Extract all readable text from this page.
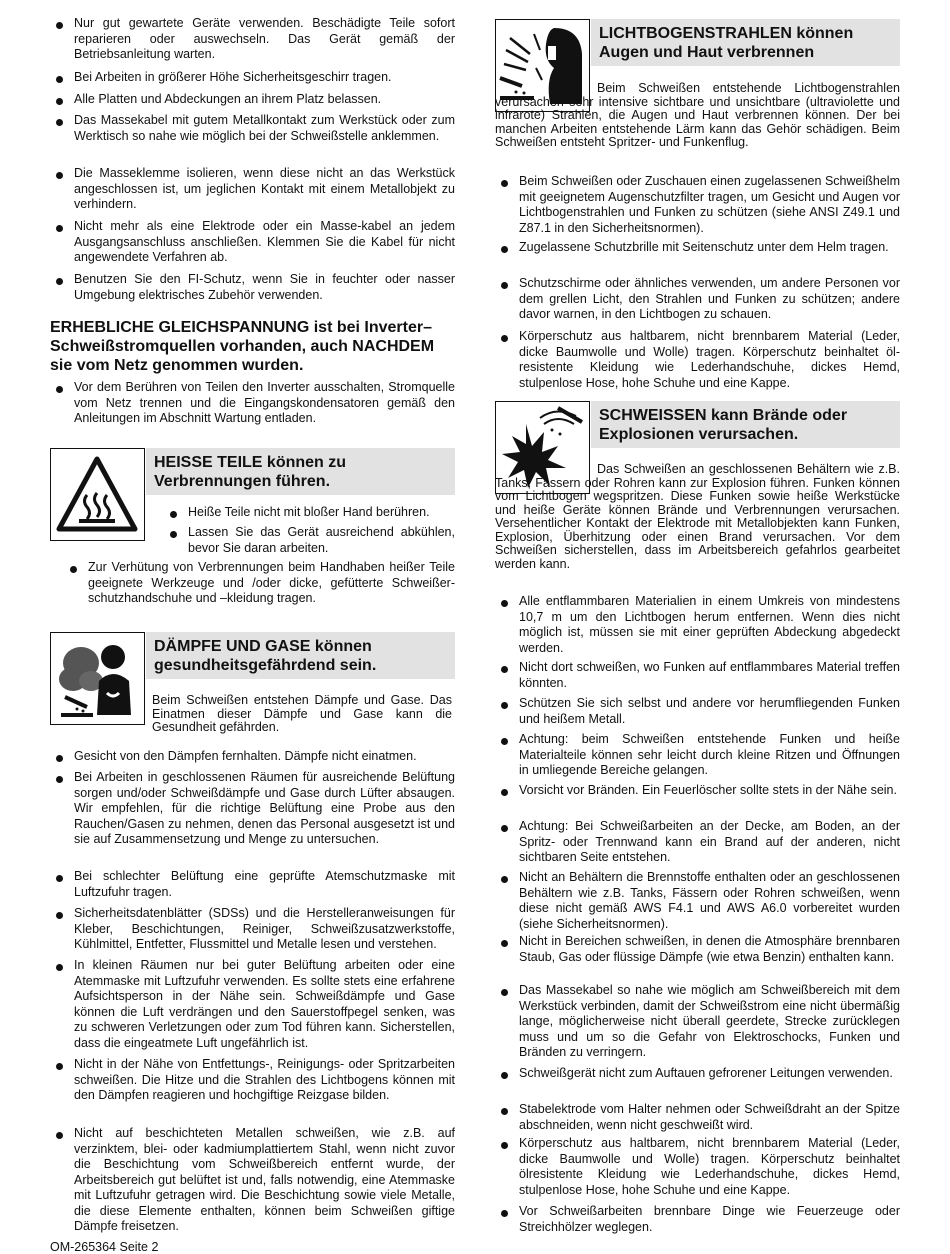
Nur gut gewartete Geräte verwenden. Beschädigte Teile sofort reparieren oder auswechseln. Das Gerät gemäß der Betriebsanleitung warten.
Bei Arbeiten in größerer Höhe Sicherheitsgeschirr tragen.
Alle Platten und Abdeckungen an ihrem Platz belassen.
Das Massekabel mit gutem Metallkontakt zum Werkstück oder zum Werktisch so nahe wie möglich bei der Schweißstelle anklemmen.
Die Masseklemme isolieren, wenn diese nicht an das Werkstück angeschlossen ist, um jeglichen Kontakt mit einem Metallobjekt zu verhindern.
Nicht mehr als eine Elektrode oder ein Masse-kabel an jedem Ausgangsanschluss anschließen. Klemmen Sie die Kabel für nicht angewendete Verfahren ab.
Benutzen Sie den FI-Schutz, wenn Sie in feuchter oder nasser Umgebung elektrisches Zubehör verwenden.
ERHEBLICHE GLEICHSPANNUNG ist bei Inverter–Schweißstromquellen vorhanden, auch NACHDEM sie vom Netz genommen wurden.
Vor dem Berühren von Teilen den Inverter ausschalten, Stromquelle vom Netz trennen und die Eingangskondensatoren gemäß den Anleitungen im Abschnitt Wartung entladen.
HEISSE TEILE können zu Verbrennungen führen.
Heiße Teile nicht mit bloßer Hand berühren.
Lassen Sie das Gerät ausreichend abkühlen, bevor Sie daran arbeiten.
Zur Verhütung von Verbrennungen beim Handhaben heißer Teile geeignete Werkzeuge und /oder dicke, gefütterte Schweißer-schutzhandschuhe und –kleidung tragen.
DÄMPFE UND GASE können gesundheitsgefährdend sein.
Beim Schweißen entstehen Dämpfe und Gase. Das Einatmen dieser Dämpfe und Gase kann die Gesundheit gefährden.
Gesicht von den Dämpfen fernhalten. Dämpfe nicht einatmen.
Bei Arbeiten in geschlossenen Räumen für ausreichende Belüftung sorgen und/oder Schweißdämpfe und Gase durch Lüfter absaugen. Wir empfehlen, für die richtige Belüftung eine Probe aus den Rauchen/Gasen zu nehmen, denen das Personal ausgesetzt ist und sie auf Zusammensetzung und Menge zu untersuchen.
Bei schlechter Belüftung eine geprüfte Atemschutzmaske mit Luftzufuhr tragen.
Sicherheitsdatenblätter (SDSs) und die Herstelleranweisungen für Kleber, Beschichtungen, Reiniger, Schweißzusatzwerkstoffe, Kühlmittel, Entfetter, Flussmittel und Metalle lesen und verstehen.
In kleinen Räumen nur bei guter Belüftung arbeiten oder eine Atemmaske mit Luftzufuhr verwenden. Es sollte stets eine erfahrene Aufsichtsperson in der Nähe sein. Schweißdämpfe und Gase können die Luft verdrängen und den Sauerstoffpegel senken, was zu schweren Verletzungen oder zum Tod führen kann. Sicherstellen, dass die eingeatmete Luft ungefährlich ist.
Nicht in der Nähe von Entfettungs-, Reinigungs- oder Spritzarbeiten schweißen. Die Hitze und die Strahlen des Lichtbogens können mit den Dämpfen reagieren und hochgiftige Reizgase bilden.
Nicht auf beschichteten Metallen schweißen, wie z.B. auf verzinktem, blei- oder kadmiumplattiertem Stahl, wenn nicht zuvor die Beschichtung vom Schweißbereich entfernt wurde, der Arbeitsbereich gut belüftet ist und, falls notwendig, eine Atemmaske mit Luftzufuhr getragen wird. Die Beschichtung sowie viele Metalle, die diese Elemente enthalten, können beim Schweißen giftige Dämpfe freisetzen.
LICHTBOGENSTRAHLEN können Augen und Haut verbrennen
Beim Schweißen entstehende Lichtbogenstrahlen verursachen sehr intensive sichtbare und unsichtbare (ultraviolette und infrarote) Strahlen, die Augen und Haut verbrennen können. Der bei manchen Arbeiten entstehende Lärm kann das Gehör schädigen. Beim Schweißen entsteht Spritzer- und Funkenflug.
Beim Schweißen oder Zuschauen einen zugelassenen Schweißhelm mit geeignetem Augenschutzfilter tragen, um Gesicht und Augen vor Lichtbogenstrahlen und Funken zu schützen (siehe ANSI Z49.1 und Z87.1 in den Sicherheitsnormen).
Zugelassene Schutzbrille mit Seitenschutz unter dem Helm tragen.
Schutzschirme oder ähnliches verwenden, um andere Personen vor dem grellen Licht, den Strahlen und Funken zu schützen; andere davor warnen, in den Lichtbogen zu schauen.
Körperschutz aus haltbarem, nicht brennbarem Material (Leder, dicke Baumwolle und Wolle) tragen. Körperschutz beinhaltet öl-resistente Kleidung wie Lederhandschuhe, dickes Hemd, stulpenlose Hose, hohe Schuhe und eine Kappe.
SCHWEISSEN kann Brände oder Explosionen verursachen.
Das Schweißen an geschlossenen Behältern wie z.B. Tanks, Fässern oder Rohren kann zur Explosion führen. Funken können vom Lichtbogen wegspritzen. Diese Funken sowie heiße Werkstücke und heiße Geräte können Brände und Verbrennungen verursachen. Versehentlicher Kontakt der Elektrode mit Metallobjekten kann Funken, Explosion, Überhitzung oder einen Brand verursachen. Vor dem Schweißen sicherstellen, dass im Arbeitsbereich gefahrlos gearbeitet werden kann.
Alle entflammbaren Materialien in einem Umkreis von mindestens 10,7 m um den Lichtbogen herum entfernen. Wenn dies nicht möglich ist, müssen sie mit einer geprüften Abdeckung abgedeckt werden.
Nicht dort schweißen, wo Funken auf entflammbares Material treffen könnten.
Schützen Sie sich selbst und andere vor herumfliegenden Funken und heißem Metall.
Achtung: beim Schweißen entstehende Funken und heiße Materialteile können sehr leicht durch kleine Ritzen und Öffnungen in umliegende Bereiche gelangen.
Vorsicht vor Bränden. Ein Feuerlöscher sollte stets in der Nähe sein.
Achtung: Bei Schweißarbeiten an der Decke, am Boden, an der Spritz- oder Trennwand kann ein Brand auf der anderen, nicht sichtbaren Seite entstehen.
Nicht an Behältern die Brennstoffe enthalten oder an geschlossenen Behältern wie z.B. Tanks, Fässern oder Rohren schweißen, wenn diese nicht gemäß AWS F4.1 und AWS A6.0 vorbereitet wurden (siehe Sicherheitsnormen).
Nicht in Bereichen schweißen, in denen die Atmosphäre brennbaren Staub, Gas oder flüssige Dämpfe (wie etwa Benzin) enthalten kann.
Das Massekabel so nahe wie möglich am Schweißbereich mit dem Werkstück verbinden, damit der Schweißstrom eine nicht übermäßig lange, möglicherweise nicht überall geerdete, Strecke zurücklegen muss und um so die Gefahr von Elektroschocks, Funken und Bränden zu verringern.
Schweißgerät nicht zum Auftauen gefrorener Leitungen verwenden.
Stabelektrode vom Halter nehmen oder Schweißdraht an der Spitze abschneiden, wenn nicht geschweißt wird.
Körperschutz aus haltbarem, nicht brennbarem Material (Leder, dicke Baumwolle und Wolle) tragen. Körperschutz beinhaltet ölresistente Kleidung wie Lederhandschuhe, dickes Hemd, stulpenlose Hose, hohe Schuhe und eine Kappe.
Vor Schweißarbeiten brennbare Dinge wie Feuerzeuge oder Streichhölzer weglegen.
OM-265364 Seite 2
